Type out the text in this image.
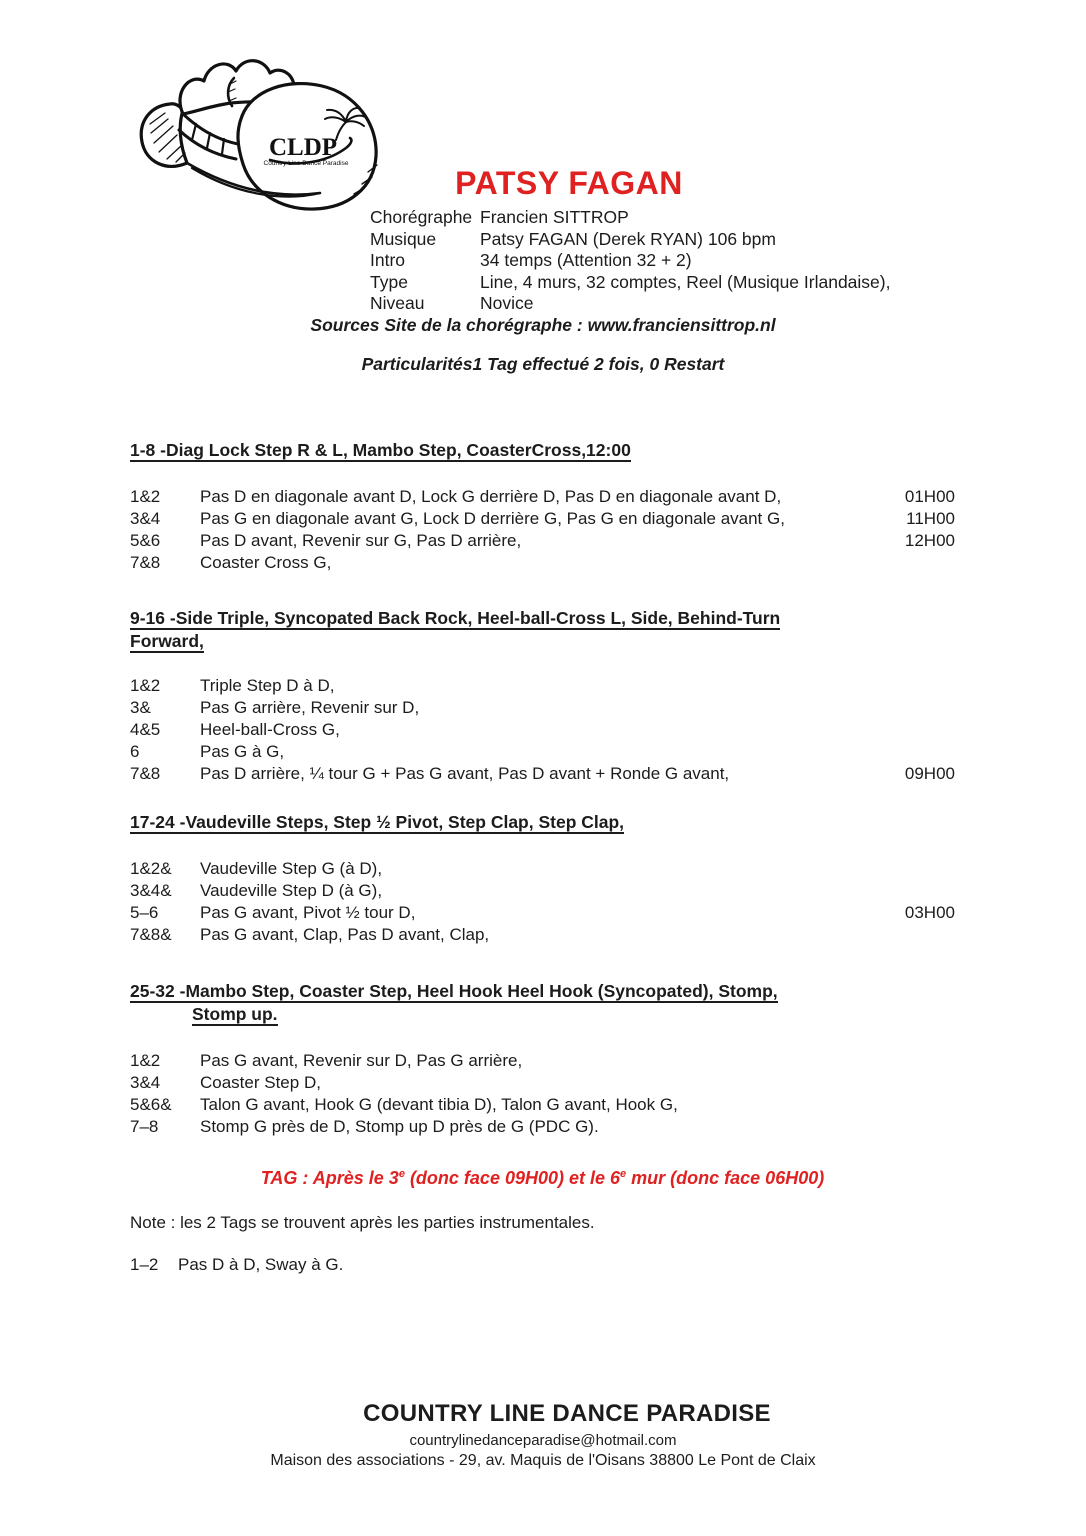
CLDP
Country Line Dance Paradise
PATSY FAGAN
Chorégraphe Francien SITTROP
Musique	Patsy FAGAN (Derek RYAN) 106 bpm
Intro	34 temps (Attention 32 + 2)
Type	Line, 4 murs, 32 comptes, Reel (Musique Irlandaise),
Niveau	Novice

Sources Site de la chorégraphe : www.franciensittrop.nl

Particularités1 Tag effectué 2 fois, 0 Restart

1-8 -Diag Lock Step R & L, Mambo Step, CoasterCross,12:00
1&2	Pas D en diagonale avant D, Lock G derrière D, Pas D en diagonale avant D,	01H00
3&4	Pas G en diagonale avant G, Lock D derrière G, Pas G en diagonale avant G,	11H00
5&6	Pas D avant, Revenir sur G, Pas D arrière,	12H00
7&8	Coaster Cross G,
9-16 -Side Triple, Syncopated Back Rock, Heel-ball-Cross L, Side, Behind-Turn
Forward,
1&2	Triple Step D à D,
3&	Pas G arrière, Revenir sur D,
4&5	Heel-ball-Cross G,
6	Pas G à G,
7&8	Pas D arrière, ¼ tour G + Pas G avant, Pas D avant + Ronde G avant,	09H00
17-24 -Vaudeville Steps, Step ½ Pivot, Step Clap, Step Clap,
1&2&	Vaudeville Step G (à D),
3&4&	Vaudeville Step D (à G),
5–6	Pas G avant, Pivot ½ tour D,	03H00
7&8&	Pas G avant, Clap, Pas D avant, Clap,
25-32 -Mambo Step, Coaster Step, Heel Hook Heel Hook (Syncopated), Stomp,
Stomp up.
1&2	Pas G avant, Revenir sur D, Pas G arrière,
3&4	Coaster Step D,
5&6&	Talon G avant, Hook G (devant tibia D), Talon G avant, Hook G,
7–8	Stomp G près de D, Stomp up D près de G (PDC G).
TAG : Après le 3e (donc face 09H00) et le 6e mur (donc face 06H00)

Note : les 2 Tags se trouvent après les parties instrumentales.

1–2	Pas D à D, Sway à G.
COUNTRY LINE DANCE PARADISE
countrylinedanceparadise@hotmail.com
Maison des associations - 29, av. Maquis de l'Oisans 38800 Le Pont de Claix
